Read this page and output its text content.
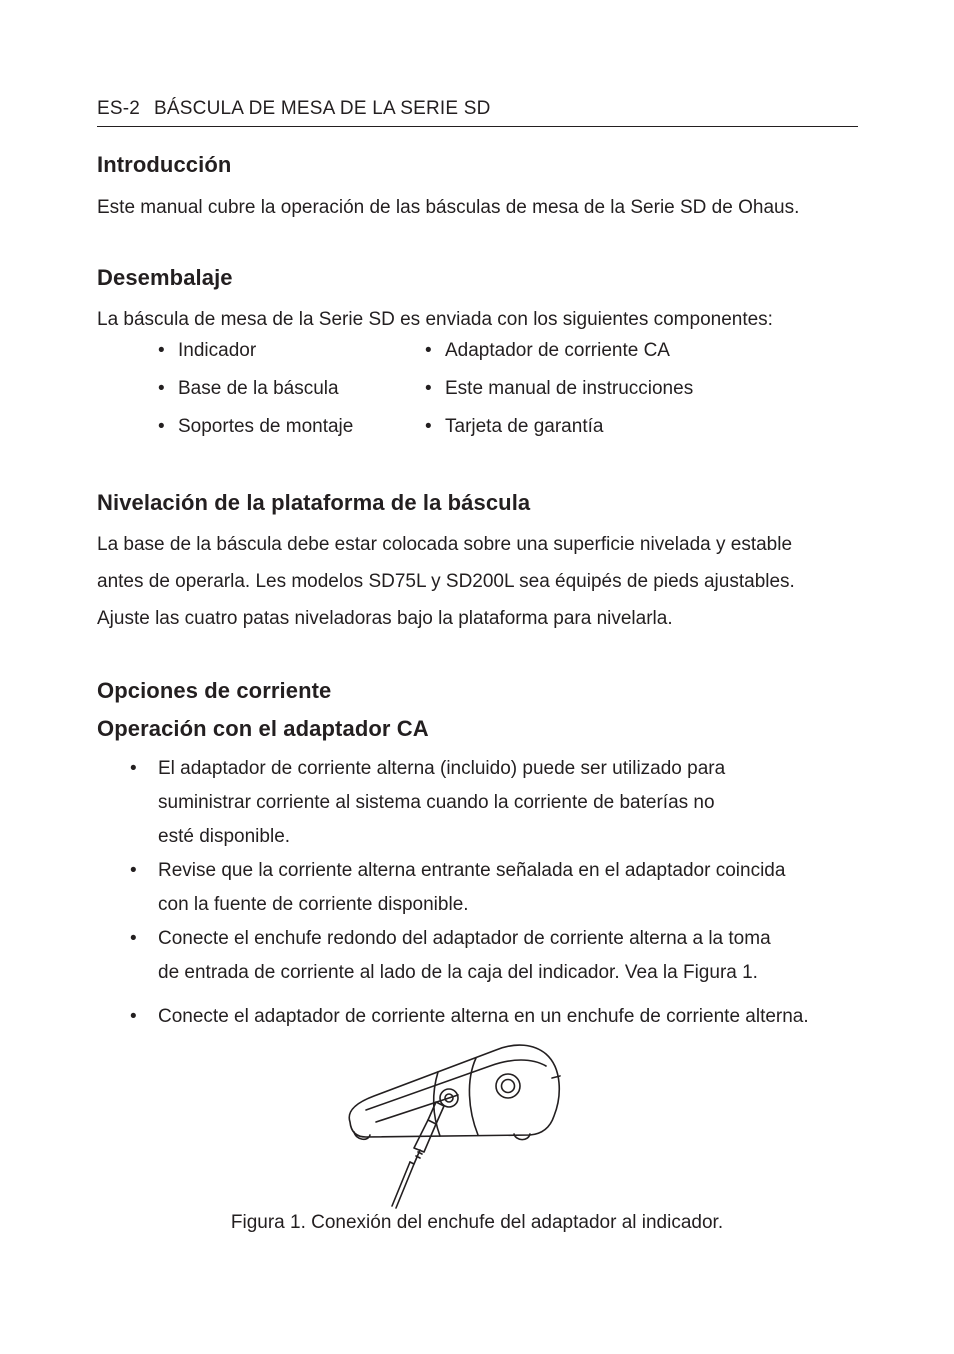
ES-2 BÁSCULA DE MESA DE LA SERIE SD
Introducción

Este manual cubre la operación de las básculas de mesa de la Serie SD de Ohaus.

Desembalaje

La báscula de mesa de la Serie SD es enviada con los siguientes componentes:

• Indicador	• Adaptador de corriente CA
• Base de la báscula	• Este manual de instrucciones
• Soportes de montaje	• Tarjeta de garantía
Nivelación de la plataforma de la báscula

La base de la báscula debe estar colocada sobre una superficie nivelada y estable
antes de operarla. Les modelos SD75L y SD200L sea équipés de pieds ajustables.
Ajuste las cuatro patas niveladoras bajo la plataforma para nivelarla.

Opciones de corriente
Operación con el adaptador CA
• El adaptador de corriente alterna (incluido) puede ser utilizado para
suministrar corriente al sistema cuando la corriente de baterías no
esté disponible.
• Revise que la corriente alterna entrante señalada en el adaptador coincida
con la fuente de corriente disponible.
• Conecte el enchufe redondo del adaptador de corriente alterna a la toma
de entrada de corriente al lado de la caja del indicador. Vea la Figura 1.
• Conecte el adaptador de corriente alterna en un enchufe de corriente alterna.
Figura 1. Conexión del enchufe del adaptador al indicador.
